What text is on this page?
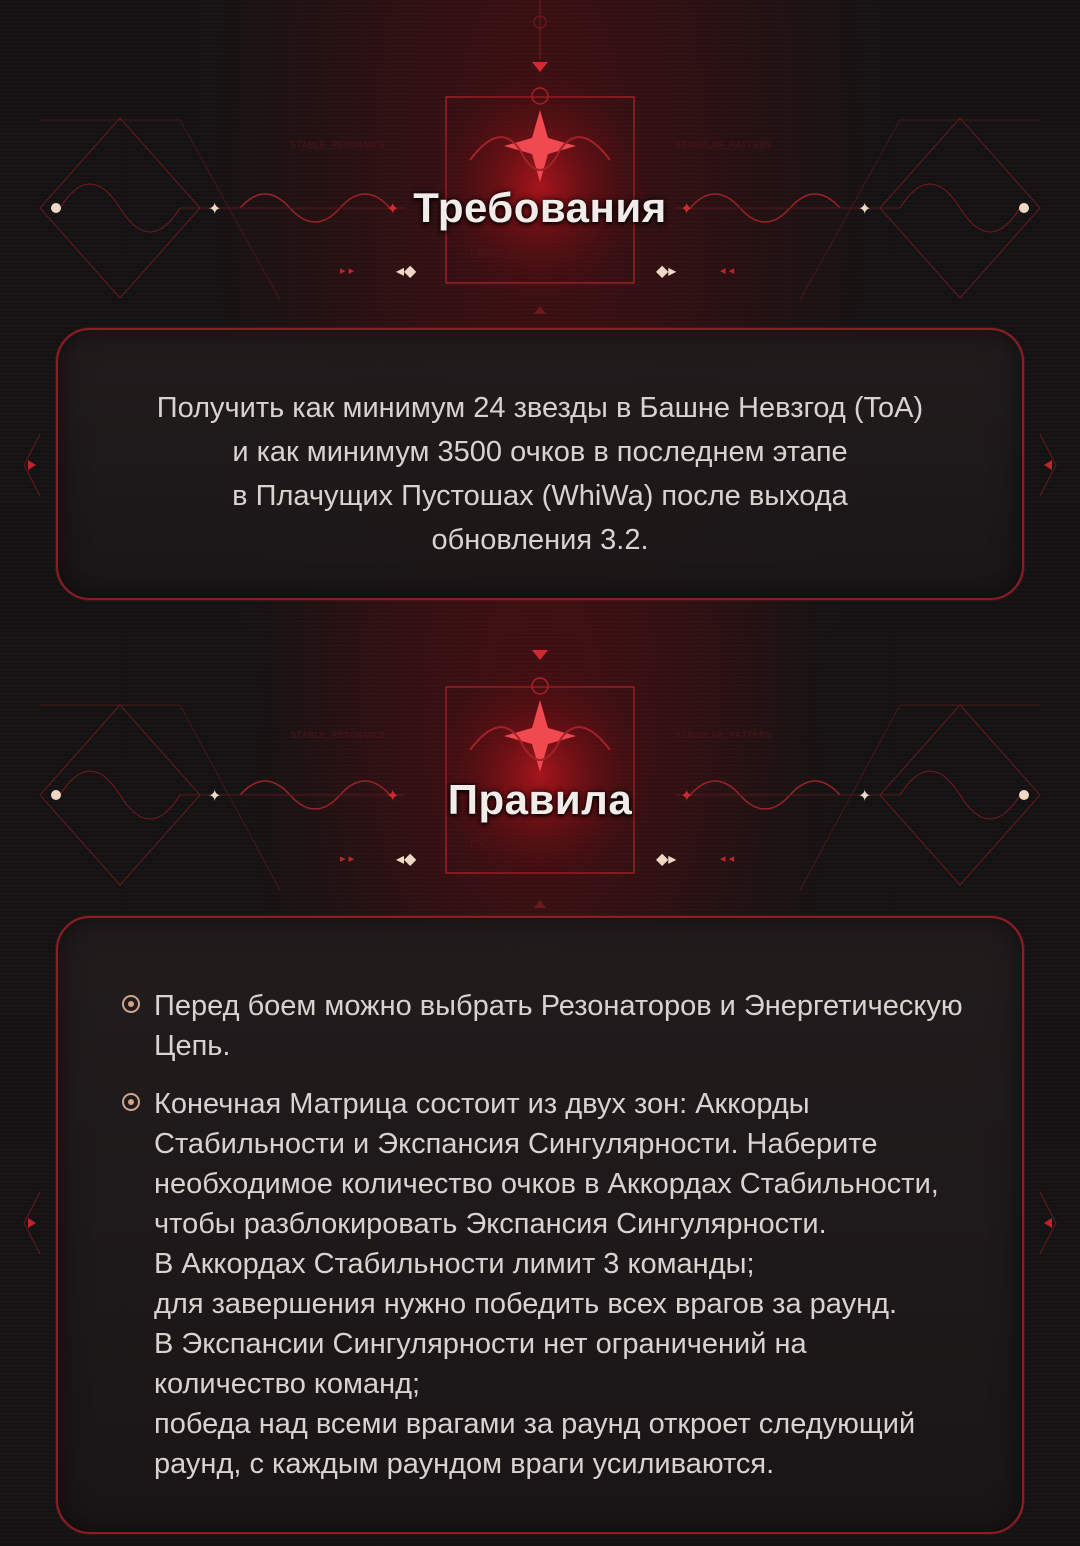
ENDSTATE MATRIX
STABLE_RESONANCE	SINGULAR_PATTERN
✦	✦
✦	✦
▸ ▸	◂ ◂
◂◆	◆▸
Требования
Получить как минимум 24 звезды в Башне Невзгод (ToA)
и как минимум 3500 очков в последнем этапе
в Плачущих Пустошах (WhiWa) после выхода
обновления 3.2.
ENDSTATE MATRIX
STABLE_RESONANCE	SINGULAR_PATTERN
✦	✦
✦	✦
▸ ▸	◂ ◂
◂◆	◆▸
Правила
Перед боем можно выбрать Резонаторов и Энергетическую
Цепь.
Конечная Матрица состоит из двух зон: Аккорды
Стабильности и Экспансия Сингулярности. Наберите
необходимое количество очков в Аккордах Стабильности,
чтобы разблокировать Экспансия Сингулярности.
В Аккордах Стабильности лимит 3 команды;
для завершения нужно победить всех врагов за раунд.
В Экспансии Сингулярности нет ограничений на
количество команд;
победа над всеми врагами за раунд откроет следующий
раунд, с каждым раундом враги усиливаются.
